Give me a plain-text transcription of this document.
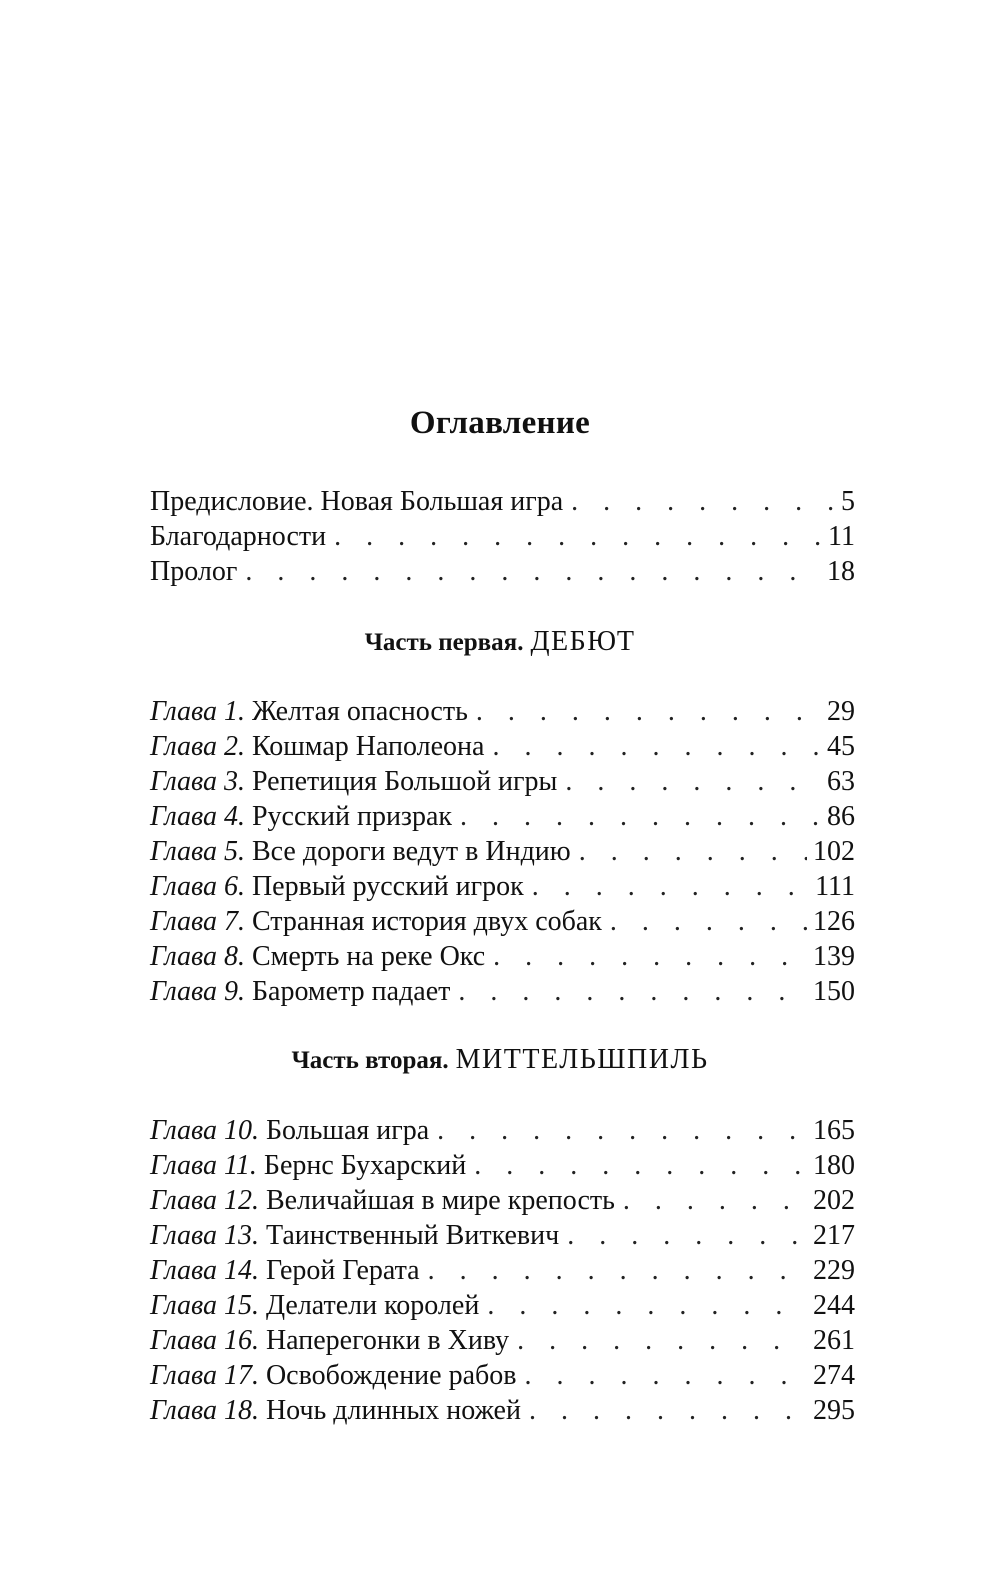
Оглавление
Предисловие. Новая Большая игра . . .	5
Благодарности . . .	11
Пролог . . .	18
Часть первая. ДЕБЮТ
Глава 1. Желтая опасность . . .	29
Глава 2. Кошмар Наполеона . . .	45
Глава 3. Репетиция Большой игры . . .	63
Глава 4. Русский призрак . . .	86
Глава 5. Все дороги ведут в Индию . . .	102
Глава 6. Первый русский игрок . . .	111
Глава 7. Странная история двух собак . . .	126
Глава 8. Смерть на реке Окс . . .	139
Глава 9. Барометр падает . . .	150
Часть вторая. МИТТЕЛЬШПИЛЬ
Глава 10. Большая игра . . .	165
Глава 11. Бернс Бухарский . . .	180
Глава 12. Величайшая в мире крепость . . .	202
Глава 13. Таинственный Виткевич . . .	217
Глава 14. Герой Герата . . .	229
Глава 15. Делатели королей . . .	244
Глава 16. Наперегонки в Хиву . . .	261
Глава 17. Освобождение рабов . . .	274
Глава 18. Ночь длинных ножей . . .	295
